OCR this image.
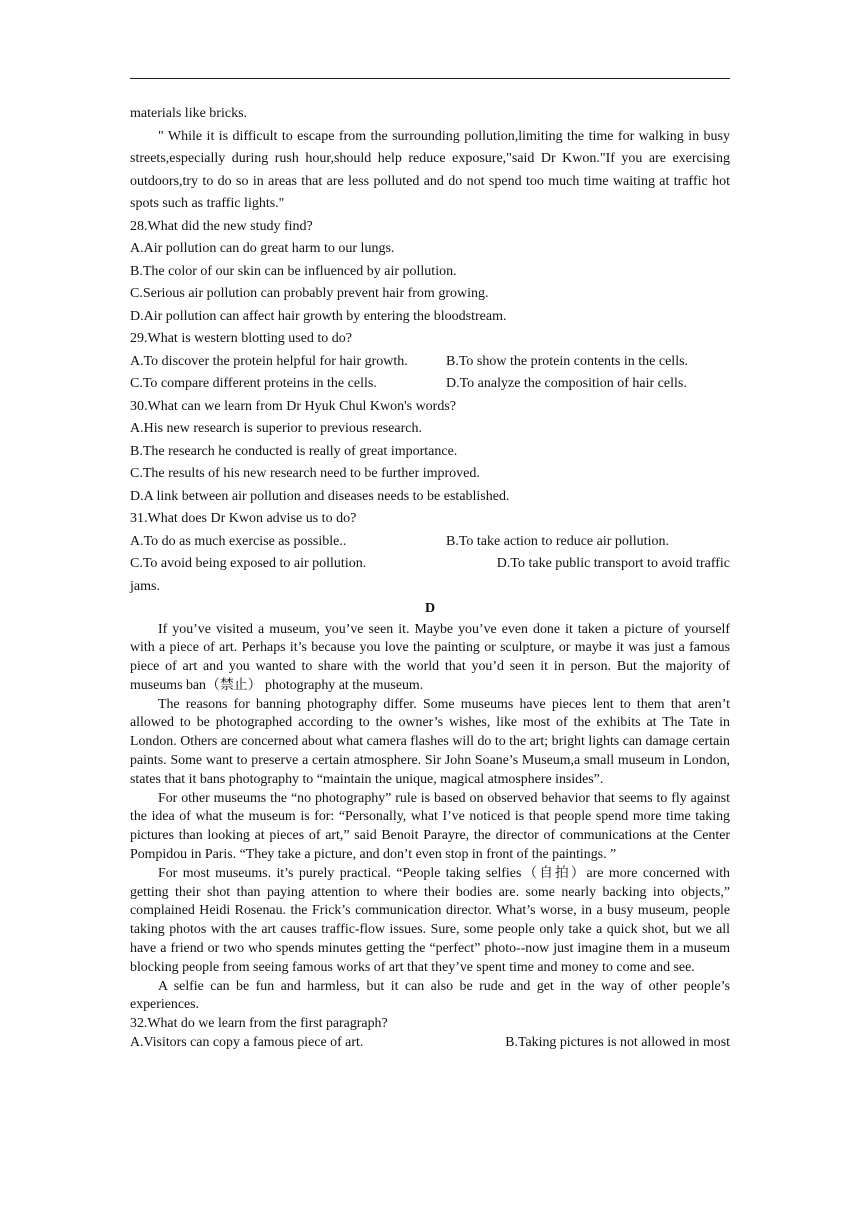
materials like bricks.

" While it is difficult to escape from the surrounding pollution,limiting the time for walking in busy streets,especially during rush hour,should help reduce exposure,"said Dr Kwon."If you are exercising outdoors,try to do so in areas that are less polluted and do not spend too much time waiting at traffic hot spots such as traffic lights."

28.What did the new study find?

A.Air pollution can do great harm to our lungs.

B.The color of our skin can be influenced by air pollution.

C.Serious air pollution can probably prevent hair from growing.

D.Air pollution can affect hair growth by entering the bloodstream.

29.What is western blotting used to do?

A.To discover the protein helpful for hair growth.	B.To show the protein contents in the cells.
C.To compare different proteins in the cells.	D.To analyze the composition of hair cells.

30.What can we learn from Dr Hyuk Chul Kwon's words?

A.His new research is superior to previous research.

B.The research he conducted is really of great importance.

C.The results of his new research need to be further improved.

D.A link between air pollution and diseases needs to be established.

31.What does Dr Kwon advise us to do?

A.To do as much exercise as possible..	B.To take action to reduce air pollution.
C.To avoid being exposed to air pollution.	D.To take public transport to avoid traffic

jams.

D

If you’ve visited a museum, you’ve seen it. Maybe you’ve even done it taken a picture of yourself with a piece of art. Perhaps it’s because you love the painting or sculpture, or maybe it was just a famous piece of art and you wanted to share with the world that you’d seen it in person. But the majority of museums ban（禁止） photography at the museum.

The reasons for banning photography differ. Some museums have pieces lent to them that aren’t allowed to be photographed according to the owner’s wishes, like most of the exhibits at The Tate in London. Others are concerned about what camera flashes will do to the art; bright lights can damage certain paints. Some want to preserve a certain atmosphere. Sir John Soane’s Museum,a small museum in London, states that it bans photography to “maintain the unique, magical atmosphere insides”.

For other museums the “no photography” rule is based on observed behavior that seems to fly against the idea of what the museum is for: “Personally, what I’ve noticed is that people spend more time taking pictures than looking at pieces of art,” said Benoit Parayre, the director of communications at the Center Pompidou in Paris. “They take a picture, and don’t even stop in front of the paintings. ”

For most museums. it’s purely practical. “People taking selfies（自拍）are more concerned with getting their shot than paying attention to where their bodies are. some nearly backing into objects,” complained Heidi Rosenau. the Frick’s communication director. What’s worse, in a busy museum, people taking photos with the art causes traffic-flow issues. Sure, some people only take a quick shot, but we all have a friend or two who spends minutes getting the “perfect” photo--now just imagine them in a museum blocking people from seeing famous works of art that they’ve spent time and money to come and see.

A selfie can be fun and harmless, but it can also be rude and get in the way of other people’s experiences.

32.What do we learn from the first paragraph?

A.Visitors can copy a famous piece of art.	B.Taking pictures is not allowed in most
